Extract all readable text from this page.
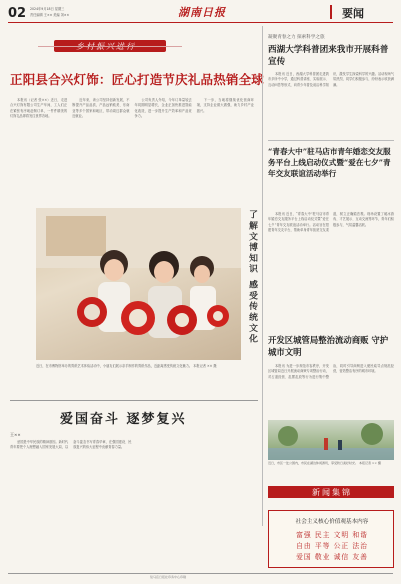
02 2024年9月18日 星期三
责任编辑 王×× 美编 刘××	湖南日报	要闻
正阳县合兴灯饰：匠心打造节庆礼品热销全球

本报讯（记者 张××）近日，走进合兴灯饰有限公司生产车间，工人们正在紧张有序地赶制订单，一件件精美的灯饰礼品即将发往世界各地。

近年来，该公司坚持创新发展，不断提升产品品质，产品远销欧美、东南亚等多个国家和地区，带动周边群众就近就业。

公司负责人介绍，今年订单量较去年同期明显增长，企业正加快推进智能化改造，进一步提升生产效率和产品竞争力。

下一步，当地将继续优化营商环境，支持企业做大做强，助力乡村产业振兴。

凝聚青春之力 探索科学之旅
西湖大学科普团来我市开展科普宣传

本报讯 近日，西湖大学科普团走进我市多所中小学，通过科普讲座、实验展示、互动问答等形式，向青少年普及前沿科学知识，激发学生探索科学的兴趣。活动现场气氛热烈，同学们积极参与，纷纷表示收获满满。

“青春大中”驻马店市青年婚恋交友服务平台上线启动仪式暨“爱在七夕”青年交友联谊活动举行

本报讯 近日，“青春大中”驻马店市青年婚恋交友服务平台上线启动仪式暨“爱在七夕”青年交友联谊活动举行。活动旨在搭建青年交友平台，帮助单身青年拓宽交友渠道，树立正确婚恋观。现场设置了破冰游戏、才艺展示、互动交流等环节，青年们积极参与，气氛温馨活跃。

了解文博知识 感受传统文化
近日，在市博物馆举办的剪纸艺术体验活动中，小朋友们展示亲手制作的剪纸作品，近距离感受传统文化魅力。 本报记者 ×× 摄
开发区城管局整治流动商贩 守护城市文明

本报讯 为进一步规范市容秩序，开发区城管局近日开展流动商贩专项整治行动，对占道经营、乱摆乱放等行为进行集中整治，同时引导商贩进入便民疏导点规范经营，营造整洁有序的城市环境。

近日，市区一处公园内，市民在湖边休闲游玩，享受秋日美好时光。 本报记者 ×× 摄
新闻集锦
社会主义核心价值观基本内容
富强 民主 文明 和谐
自由 平等 公正 法治
爱国 敬业 诚信 友善
爱国奋斗 逐梦复兴
王××

爱国是中华民族的精神基因。新时代青年要把个人理想融入国家发展大局，以奋斗姿态书写青春华章，在强国建设、民族复兴的伟大征程中贡献青春力量。

驻马店日报社印务中心印刷
